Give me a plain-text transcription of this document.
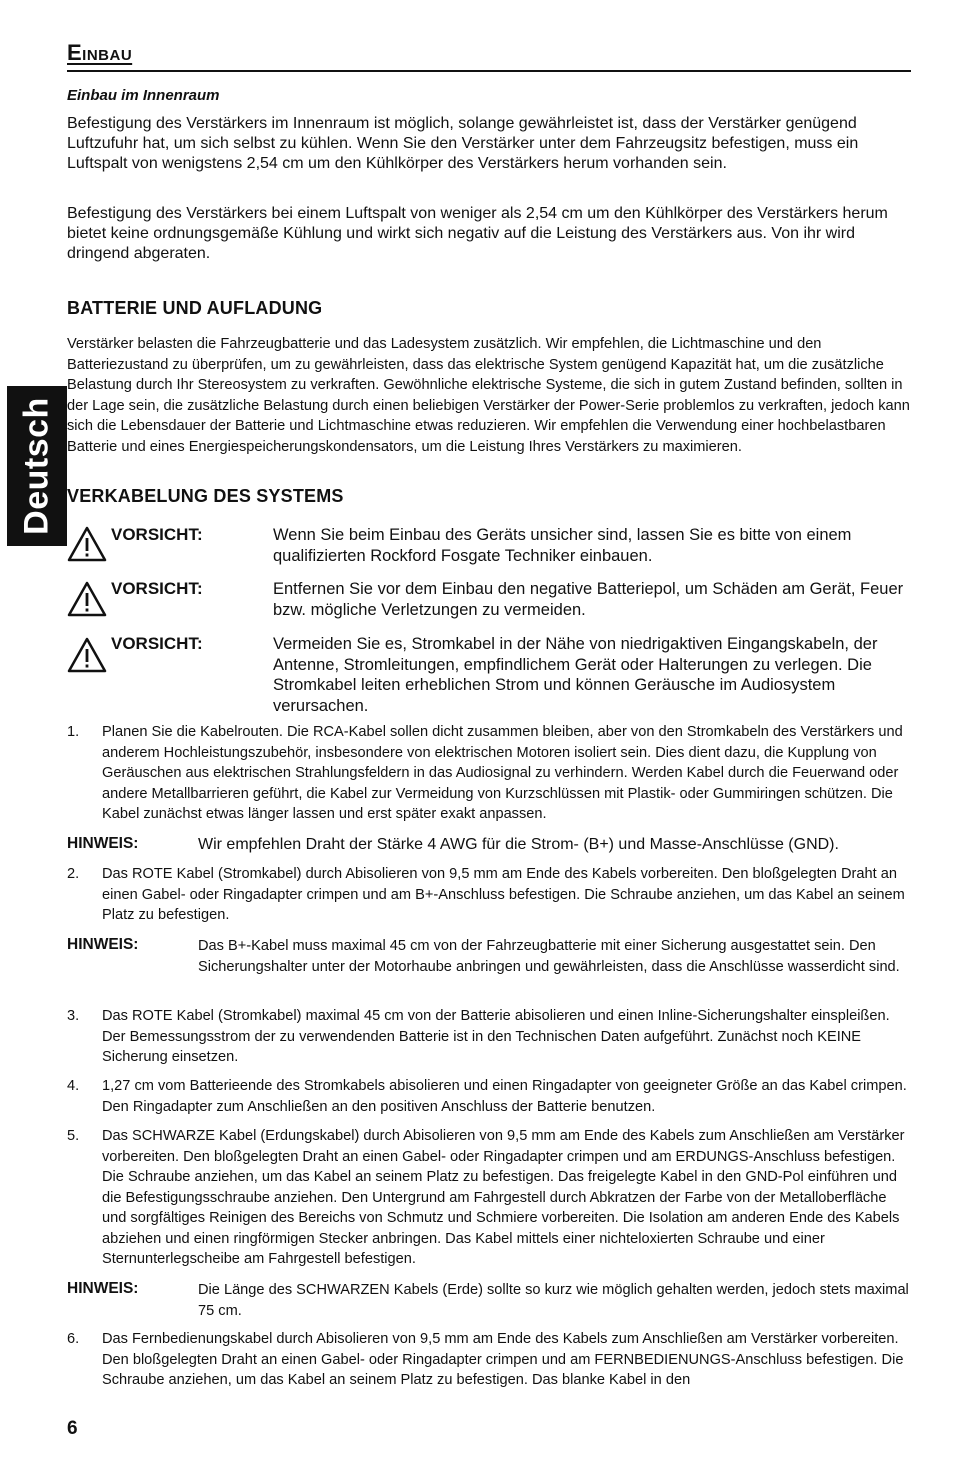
Einbau
Deutsch
Einbau im Innenraum
Befestigung des Verstärkers im Innenraum ist möglich, solange gewährleistet ist, dass der Verstärker genügend Luftzufuhr hat, um sich selbst zu kühlen. Wenn Sie den Verstärker unter dem Fahrzeugsitz befestigen, muss ein Luftspalt von wenigstens 2,54 cm um den Kühlkörper des Verstärkers herum vorhanden sein.
Befestigung des Verstärkers bei einem Luftspalt von weniger als 2,54 cm um den Kühlkörper des Verstärkers herum bietet keine ordnungsgemäße Kühlung und wirkt sich negativ auf die Leistung des Verstärkers aus. Von ihr wird dringend abgeraten.
BATTERIE UND AUFLADUNG
Verstärker belasten die Fahrzeugbatterie und das Ladesystem zusätzlich. Wir empfehlen, die Lichtmaschine und den Batteriezustand zu überprüfen, um zu gewährleisten, dass das elektrische System genügend Kapazität hat, um die zusätzliche Belastung durch Ihr Stereosystem zu verkraften. Gewöhnliche elektrische Systeme, die sich in gutem Zustand befinden, sollten in der Lage sein, die zusätzliche Belastung durch einen beliebigen Verstärker der Power-Serie problemlos zu verkraften, jedoch kann sich die Lebensdauer der Batterie und Lichtmaschine etwas reduzieren. Wir empfehlen die Verwendung einer hochbelastbaren Batterie und eines Energiespeicherungskondensators, um die Leistung Ihres Verstärkers zu maximieren.
VERKABELUNG DES SYSTEMS
VORSICHT:	Wenn Sie beim Einbau des Geräts unsicher sind, lassen Sie es bitte von einem qualifizierten Rockford Fosgate Techniker einbauen.
VORSICHT:	Entfernen Sie vor dem Einbau den negative Batteriepol, um Schäden am Gerät, Feuer bzw. mögliche Verletzungen zu vermeiden.
VORSICHT:	Vermeiden Sie es, Stromkabel in der Nähe von niedrigaktiven Eingangskabeln, der Antenne, Stromleitungen, empfindlichem Gerät oder Halterungen zu verlegen. Die Stromkabel leiten erheblichen Strom und können Geräusche im Audiosystem verursachen.
1. Planen Sie die Kabelrouten. Die RCA-Kabel sollen dicht zusammen bleiben, aber von den Stromkabeln des Verstärkers und anderem Hochleistungszubehör, insbesondere von elektrischen Motoren isoliert sein. Dies dient dazu, die Kupplung von Geräuschen aus elektrischen Strahlungsfeldern in das Audiosignal zu verhindern. Werden Kabel durch die Feuerwand oder andere Metallbarrieren geführt, die Kabel zur Vermeidung von Kurzschlüssen mit Plastik- oder Gummiringen schützen. Die Kabel zunächst etwas länger lassen und erst später exakt anpassen.
HINWEIS:	Wir empfehlen Draht der Stärke 4 AWG für die Strom- (B+) und Masse-Anschlüsse (GND).
2. Das ROTE Kabel (Stromkabel) durch Abisolieren von 9,5 mm am Ende des Kabels vorbereiten. Den bloßgelegten Draht an einen Gabel- oder Ringadapter crimpen und am B+-Anschluss befestigen. Die Schraube anziehen, um das Kabel an seinem Platz zu befestigen.
HINWEIS:	Das B+-Kabel muss maximal 45 cm von der Fahrzeugbatterie mit einer Sicherung ausgestattet sein. Den Sicherungshalter unter der Motorhaube anbringen und gewährleisten, dass die Anschlüsse wasserdicht sind.
3. Das ROTE Kabel (Stromkabel) maximal 45 cm von der Batterie abisolieren und einen Inline-Sicherungshalter einspleißen. Der Bemessungsstrom der zu verwendenden Batterie ist in den Technischen Daten aufgeführt. Zunächst noch KEINE Sicherung einsetzen.
4. 1,27 cm vom Batterieende des Stromkabels abisolieren und einen Ringadapter von geeigneter Größe an das Kabel crimpen. Den Ringadapter zum Anschließen an den positiven Anschluss der Batterie benutzen.
5. Das SCHWARZE Kabel (Erdungskabel) durch Abisolieren von 9,5 mm am Ende des Kabels zum Anschließen am Verstärker vorbereiten. Den bloßgelegten Draht an einen Gabel- oder Ringadapter crimpen und am ERDUNGS-Anschluss befestigen. Die Schraube anziehen, um das Kabel an seinem Platz zu befestigen. Das freigelegte Kabel in den GND-Pol einführen und die Befestigungsschraube anziehen. Den Untergrund am Fahrgestell durch Abkratzen der Farbe von der Metalloberfläche und sorgfältiges Reinigen des Bereichs von Schmutz und Schmiere vorbereiten. Die Isolation am anderen Ende des Kabels abziehen und einen ringförmigen Stecker anbringen. Das Kabel mittels einer nichteloxierten Schraube und einer Sternunterlegscheibe am Fahrgestell befestigen.
HINWEIS:	Die Länge des SCHWARZEN Kabels (Erde) sollte so kurz wie möglich gehalten werden, jedoch stets maximal 75 cm.
6. Das Fernbedienungskabel durch Abisolieren von 9,5 mm am Ende des Kabels zum Anschließen am Verstärker vorbereiten. Den bloßgelegten Draht an einen Gabel- oder Ringadapter crimpen und am FERNBEDIENUNGS-Anschluss befestigen. Die Schraube anziehen, um das Kabel an seinem Platz zu befestigen. Das blanke Kabel in den
6
